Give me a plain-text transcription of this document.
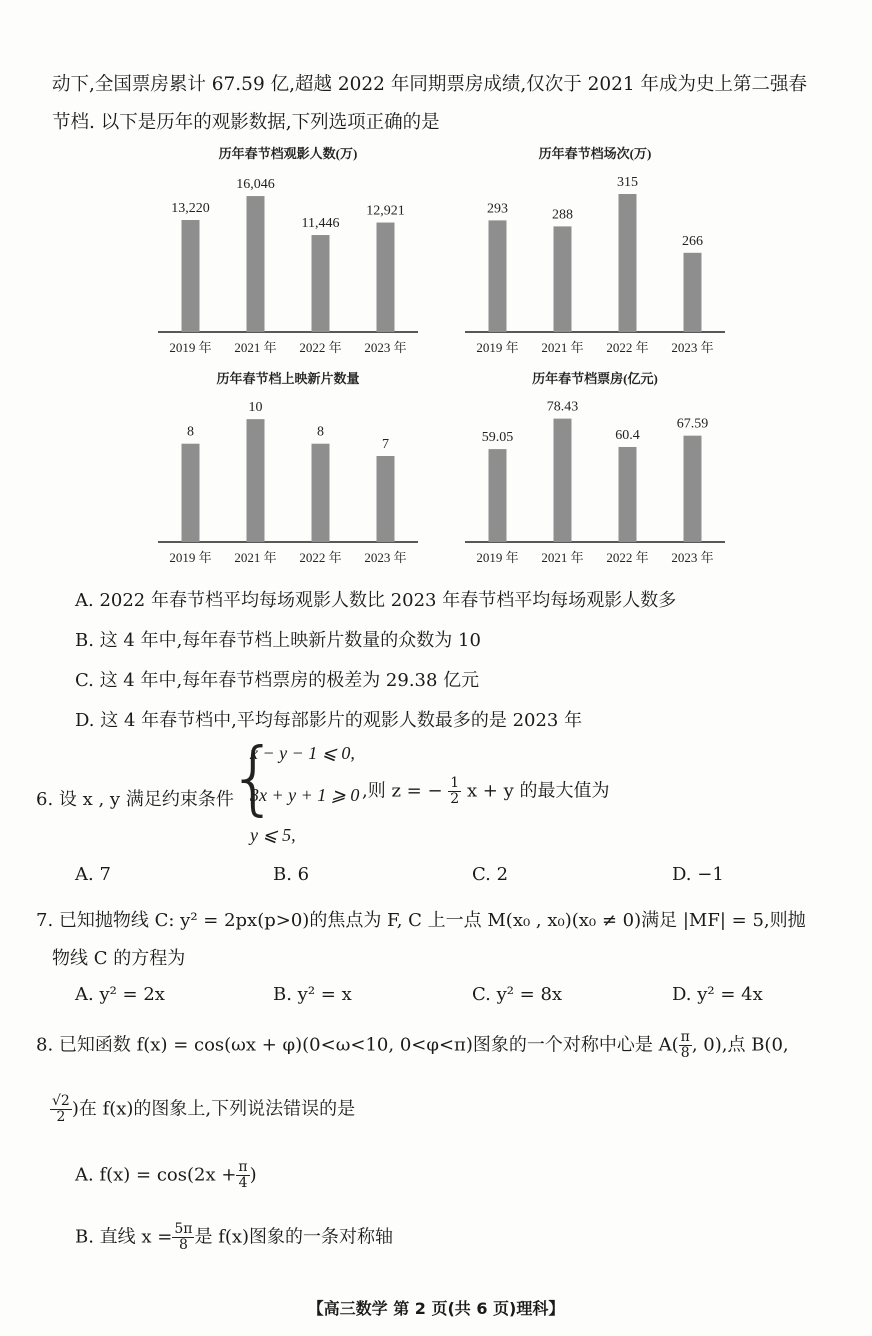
动下,全国票房累计 67.59 亿,超越 2022 年同期票房成绩,仅次于 2021 年成为史上第二强春
节档. 以下是历年的观影数据,下列选项正确的是
历年春节档观影人数(万)
13,220
2019 年
16,046
2021 年
11,446
2022 年
12,921
2023 年
历年春节档场次(万)
293
2019 年
288
2021 年
315
2022 年
266
2023 年
历年春节档上映新片数量
8
2019 年
10
2021 年
8
2022 年
7
2023 年
历年春节档票房(亿元)
59.05
2019 年
78.43
2021 年
60.4
2022 年
67.59
2023 年
A. 2022 年春节档平均每场观影人数比 2023 年春节档平均每场观影人数多
B. 这 4 年中,每年春节档上映新片数量的众数为 10
C. 这 4 年中,每年春节档票房的极差为 29.38 亿元
D. 这 4 年春节档中,平均每部影片的观影人数最多的是 2023 年
6. 设 x , y 满足约束条件
{
x − y − 1 ⩽ 0,
3x + y + 1 ⩾ 0 ,则 z = − $\frac{1}{2}$ x + y 的最大值为
y ⩽ 5,
A. 7	B. 6	C. 2	D. −1
7. 已知抛物线 C: y² = 2px(p>0)的焦点为 F, C 上一点 M(x₀ , x₀)(x₀ ≠ 0)满足 |MF| = 5,则抛
物线 C 的方程为
A. y² = 2x	B. y² = x	C. y² = 8x	D. y² = 4x
8. 已知函数 f(x) = cos(ωx + φ)(0<ω<10, 0<φ<π)图象的一个对称中心是 $A( \frac{\pi}{8}$ , 0),点 B(0,
$\frac{√2}{2}$ )在 f(x)的图象上,下列说法错误的是
A. $f(x) = \cos(2x + \frac{\pi}{4}$ )
B. 直线 $x = \frac{5\pi}{8}$ 是 f(x)图象的一条对称轴
【高三数学 第 2 页(共 6 页)理科】
